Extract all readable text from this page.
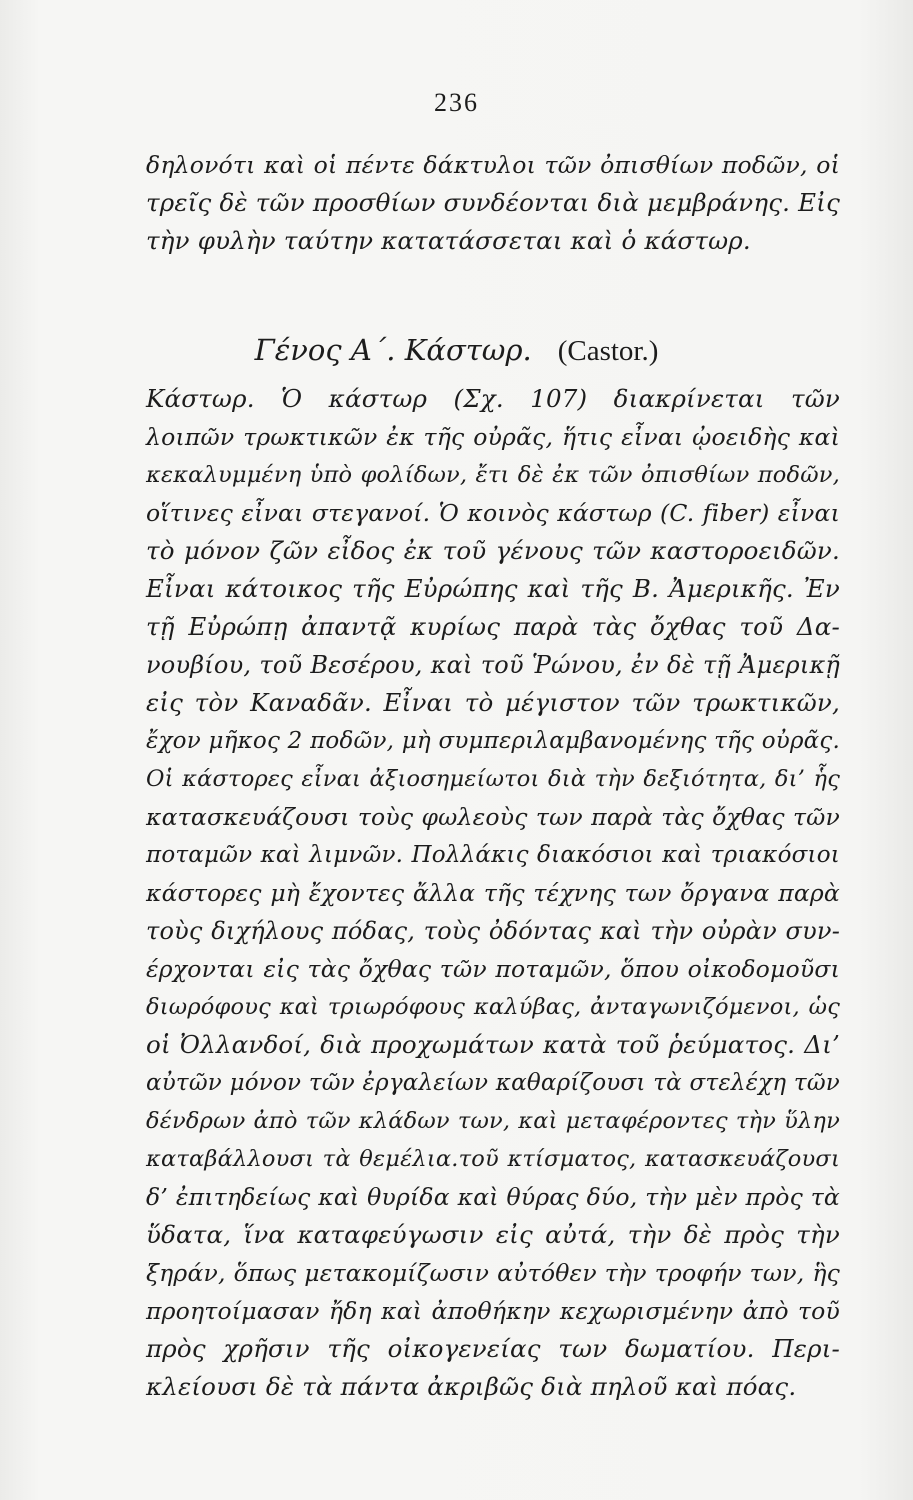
236
δηλονότι καὶ οἱ πέντε δάκτυλοι τῶν ὀπισθίων ποδῶν, οἱ
τρεῖς δὲ τῶν προσθίων συνδέονται διὰ μεμβράνης. Εἰς
τὴν φυλὴν ταύτην κατατάσσεται καὶ ὁ κάστωρ.
Γένος Α΄. Κάστωρ. (Castor.)
Κάστωρ. Ὁ κάστωρ (Σχ. 107) διακρίνεται τῶν
λοιπῶν τρωκτικῶν ἐκ τῆς οὐρᾶς, ἥτις εἶναι ᾠοειδὴς καὶ
κεκαλυμμένη ὑπὸ φολίδων, ἔτι δὲ ἐκ τῶν ὀπισθίων ποδῶν,
οἵτινες εἶναι στεγανοί. Ὁ κοινὸς κάστωρ (C. fiber) εἶναι
τὸ μόνον ζῶν εἶδος ἐκ τοῦ γένους τῶν καστοροειδῶν.
Εἶναι κάτοικος τῆς Εὐρώπης καὶ τῆς Β. Ἀμερικῆς. Ἐν
τῇ Εὐρώπῃ ἀπαντᾷ κυρίως παρὰ τὰς ὄχθας τοῦ Δα-
νουβίου, τοῦ Βεσέρου, καὶ τοῦ Ῥώνου, ἐν δὲ τῇ Ἀμερικῇ
εἰς τὸν Καναδᾶν. Εἶναι τὸ μέγιστον τῶν τρωκτικῶν,
ἔχον μῆκος 2 ποδῶν, μὴ συμπεριλαμβανομένης τῆς οὐρᾶς.
Οἱ κάστορες εἶναι ἀξιοσημείωτοι διὰ τὴν δεξιότητα, δι’ ἧς
κατασκευάζουσι τοὺς φωλεοὺς των παρὰ τὰς ὄχθας τῶν
ποταμῶν καὶ λιμνῶν. Πολλάκις διακόσιοι καὶ τριακόσιοι
κάστορες μὴ ἔχοντες ἄλλα τῆς τέχνης των ὄργανα παρὰ
τοὺς διχήλους πόδας, τοὺς ὀδόντας καὶ τὴν οὐρὰν συν-
έρχονται εἰς τὰς ὄχθας τῶν ποταμῶν, ὅπου οἰκοδομοῦσι
διωρόφους καὶ τριωρόφους καλύβας, ἀνταγωνιζόμενοι, ὡς
οἱ Ὀλλανδοί, διὰ προχωμάτων κατὰ τοῦ ῥεύματος. Δι’
αὐτῶν μόνον τῶν ἐργαλείων καθαρίζουσι τὰ στελέχη τῶν
δένδρων ἀπὸ τῶν κλάδων των, καὶ μεταφέροντες τὴν ὕλην
καταβάλλουσι τὰ θεμέλια.τοῦ κτίσματος, κατασκευάζουσι
δ’ ἐπιτηδείως καὶ θυρίδα καὶ θύρας δύο, τὴν μὲν πρὸς τὰ
ὕδατα, ἵνα καταφεύγωσιν εἰς αὐτά, τὴν δὲ πρὸς τὴν
ξηράν, ὅπως μετακομίζωσιν αὐτόθεν τὴν τροφήν των, ἣς
προητοίμασαν ἤδη καὶ ἀποθήκην κεχωρισμένην ἀπὸ τοῦ
πρὸς χρῆσιν τῆς οἰκογενείας των δωματίου. Περι-
κλείουσι δὲ τὰ πάντα ἀκριβῶς διὰ πηλοῦ καὶ πόας.
